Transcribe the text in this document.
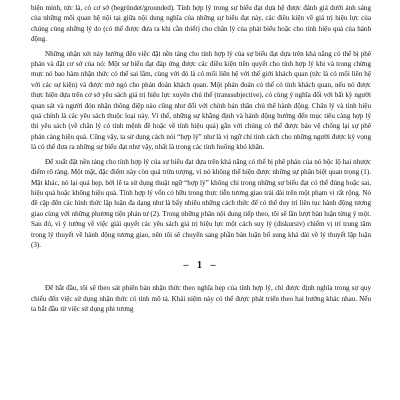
biện minh, tức là, có cơ sở (begründet/grounded). Tính hợp lý trong sự biểu đạt dựa hệ được đánh giá dưới ánh sáng của những mối quan hệ nội tại giữa nội dung nghĩa của những sự biểu đạt này, các điều kiện về giá trị hiệu lực của chúng cùng những lý do (có thể được đưa ra khi cần thiết) cho chân lý của phát biểu hoặc cho tính hiệu quả của hành động.

Những nhận xét này hướng đến việc đặt nền tảng cho tính hợp lý của sự biểu đạt dựa trên khả năng có thể bị phê phán và đặt cơ sở của nó: Một sự biểu đạt đáp ứng được các điều kiện tiên quyết cho tính hợp lý khi và trong chừng mực nó bao hàm nhận thức có thể sai lầm, cùng với đó là có mối liên hệ với thế giới khách quan (tức là có mối liên hệ với các sự kiện) và được mở ngỏ cho phán đoán khách quan. Một phán đoán có thể có tính khách quan, nếu nó được thực hiện dựa trên cơ sở yêu sách giá trị hiệu lực xuyên chủ thể (transsubjective), có cùng ý nghĩa đối với bất kỳ người quan sát và người đón nhận thông điệp nào cũng như đối với chính bản thân chủ thể hành động. Chân lý và tính hiệu quả chính là các yêu sách thuộc loại này. Vì thế, những sự khẳng định và hành động hướng đến mục tiêu càng hợp lý thì yêu sách (về chân lý có tính mệnh đề hoặc về tính hiệu quả) gắn với chúng có thể được bảo vệ chống lại sự phê phán càng hiệu quả. Cũng vậy, ta sử dụng cách nói “hợp lý” như là vị ngữ chỉ tính cách cho những người được kỳ vọng là có thể đưa ra những sự biểu đạt như vậy, nhất là trong các tình huống khó khăn.

Để xuất đặt nền tảng cho tính hợp lý của sự biểu đạt dựa trên khả năng có thể bị phê phán của nó bộc lộ hai nhược điểm rõ ràng. Một mặt, đặc điểm này còn quá trừu tượng, vì nó không thể hiện được những sự phân biệt quan trọng (1). Mặt khác, nó lại quá hẹp, bởi lẽ ta sử dụng thuật ngữ “hợp lý” không chỉ trong những sự biểu đạt có thể đúng hoặc sai, hiệu quả hoặc không hiệu quả. Tính hợp lý vốn có hữu trong thực tiễn tương giao trải dài trên một phạm vi rất rộng. Nó đề cập đến các hình thức lập luận đa dạng như là bấy nhiêu những cách thức để có thể duy trì liên tục hành động tương giao cùng với những phương tiện phản tư (2). Trong những phân nội dung tiếp theo, tôi sẽ lần lượt bàn luận từng ý một. Sau đó, vì ý tưởng về việc giải quyết các yêu sách giá trị hiệu lực một cách suy lý (diskursiv) chiếm vị trí trung tâm trong lý thuyết về hành động tương giao, nên tôi sẽ chuyển sang phần bàn luận bổ sung khá dài về lý thuyết lập luận (3).

– 1 –

Để bắt đầu, tôi sẽ theo sát phiên bản nhận thức theo nghĩa hẹp của tính hợp lý, chỉ được định nghĩa trong sự quy chiếu đến việc sử dụng nhận thức có tính mô tả. Khái niệm này có thể được phát triển theo hai hướng khác nhau. Nếu ta bắt đầu từ việc sử dụng phi tương
